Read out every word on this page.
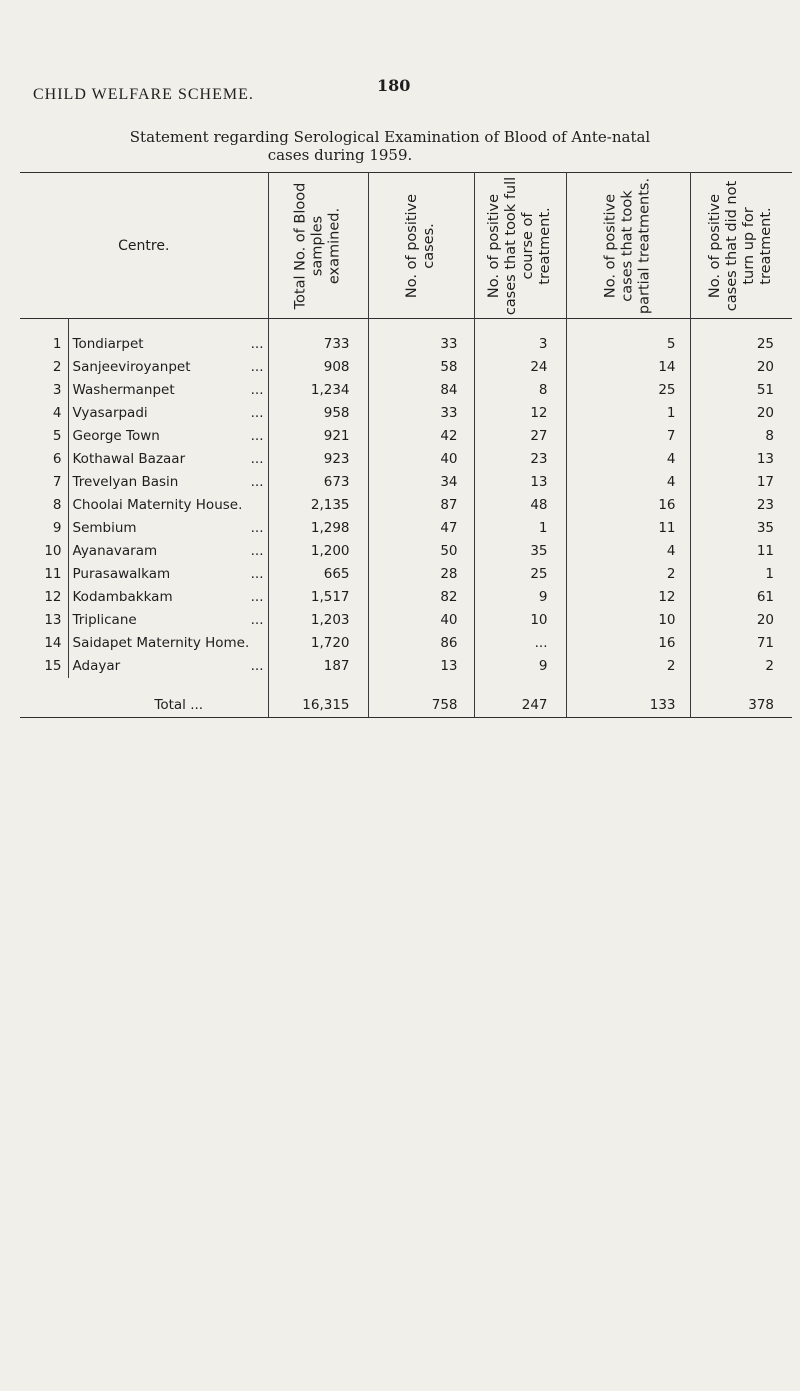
180
CHILD WELFARE SCHEME.
Statement regarding Serological Examination of Blood of Ante-natal
cases during 1959.
Centre.		Total No. of Blood samples examined.	No. of positive cases.	No. of positive cases that took full course of treatment.	No. of positive cases that took partial treatments.	No. of positive cases that did not turn up for treatment.

1	Tondiarpet ...	733	33	3	5	25
2	Sanjeeviroyanpet ...	908	58	24	14	20
3	Washermanpet ...	1,234	84	8	25	51
4	Vyasarpadi ...	958	33	12	1	20
5	George Town ...	921	42	27	7	8
6	Kothawal Bazaar ...	923	40	23	4	13
7	Trevelyan Basin ...	673	34	13	4	17
8	Choolai Maternity House.	2,135	87	48	16	23
9	Sembium ...	1,298	47	1	11	35
10	Ayanavaram ...	1,200	50	35	4	11
11	Purasawalkam ...	665	28	25	2	1
12	Kodambakkam ...	1,517	82	9	12	61
13	Triplicane ...	1,203	40	10	10	20
14	Saidapet Maternity Home.	1,720	86	...	16	71
15	Adayar ...	187	13	9	2	2
Total ...		16,315	758	247	133	378
